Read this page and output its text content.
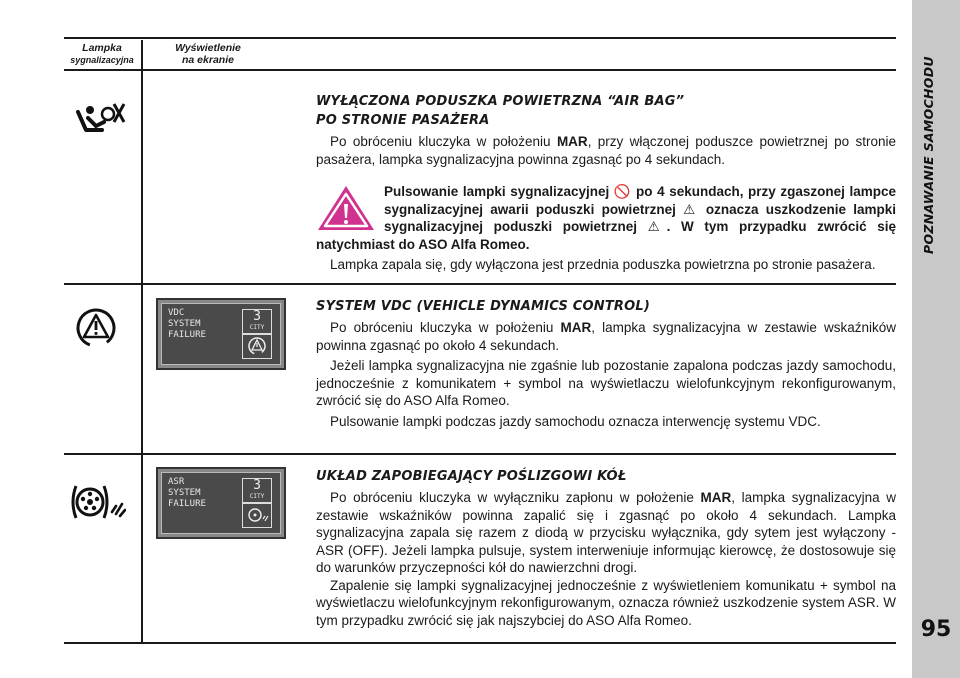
POZNAWANIE SAMOCHODU
95
Lampka
sygnalizacyjna
Wyświetlenie
na ekranie
VDC
SYSTEM
FAILURE
3
CITY
ASR
SYSTEM
FAILURE
3
CITY
WYŁĄCZONA PODUSZKA POWIETRZNA “AIR BAG”
PO STRONIE PASAŻERA

Po obróceniu kluczyka w położeniu MAR, przy włączonej poduszce powietrznej po stronie pasażera, lampka sygnalizacyjna powinna zgasnąć po 4 sekundach.

Pulsowanie lampki sygnalizacyjnej 🚫 po 4 sekundach, przy zgaszonej lampce sygnalizacyjnej awarii poduszki powietrznej ⚠ oznacza uszkodzenie lampki sygnalizacyjnej poduszki powietrznej ⚠. W tym przypadku zwrócić się natychmiast do ASO Alfa Romeo.

Lampka zapala się, gdy wyłączona jest przednia poduszka powietrzna po stronie pasażera.

SYSTEM VDC (VEHICLE DYNAMICS CONTROL)

Po obróceniu kluczyka w położeniu MAR, lampka sygnalizacyjna w zestawie wskaźników powinna zgasnąć po około 4 sekundach.

Jeżeli lampka sygnalizacyjna nie zgaśnie lub pozostanie zapalona podczas jazdy samochodu, jednocześnie z komunikatem + symbol na wyświetlaczu wielofunkcyjnym rekonfigurowanym, zwrócić się do ASO Alfa Romeo.

Pulsowanie lampki podczas jazdy samochodu oznacza interwencję systemu VDC.

UKŁAD ZAPOBIEGAJĄCY POŚLIZGOWI KÓŁ

Po obróceniu kluczyka w wyłączniku zapłonu w położenie MAR, lampka sygnalizacyjna w zestawie wskaźników powinna zapalić się i zgasnąć po około 4 sekundach. Lampka sygnalizacyjna zapala się razem z diodą w przycisku wyłącznika, gdy sytem jest wyłączony - ASR (OFF). Jeżeli lampka pulsuje, system interweniuje informując kierowcę, że dostosowuje się do warunków przyczepności kół do nawierzchni drogi.

Zapalenie się lampki sygnalizacyjnej jednocześnie z wyświetleniem komunikatu + symbol na wyświetlaczu wielofunkcyjnym rekonfigurowanym, oznacza również uszkodzenie system ASR. W tym przypadku zwrócić się jak najszybciej do ASO Alfa Romeo.
